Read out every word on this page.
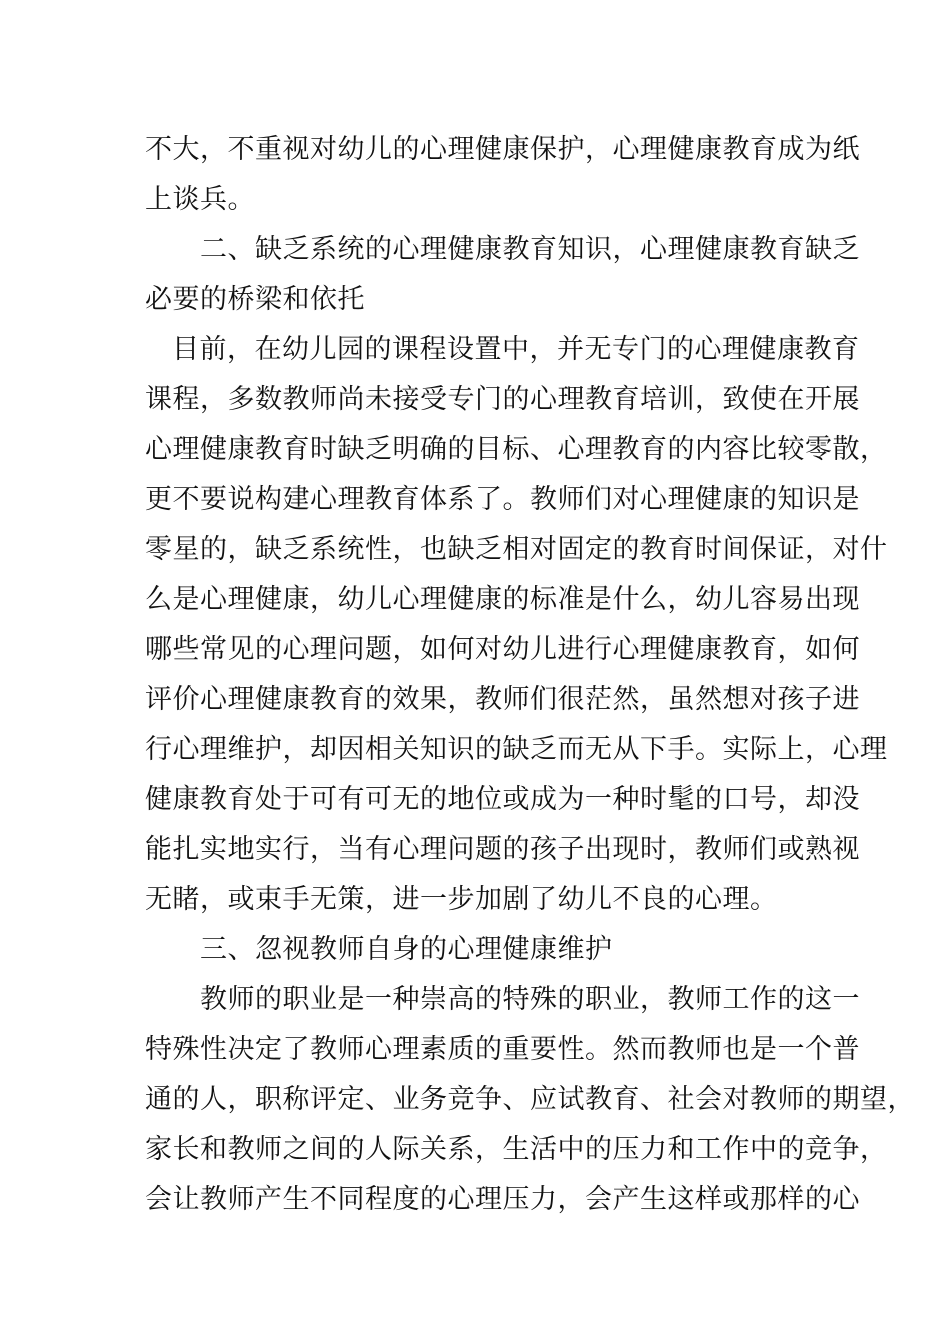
不大，不重视对幼儿的心理健康保护，心理健康教育成为纸
上谈兵。
二、缺乏系统的心理健康教育知识，心理健康教育缺乏
必要的桥梁和依托
目前，在幼儿园的课程设置中，并无专门的心理健康教育
课程，多数教师尚未接受专门的心理教育培训，致使在开展
心理健康教育时缺乏明确的目标、心理教育的内容比较零散，
更不要说构建心理教育体系了。教师们对心理健康的知识是
零星的，缺乏系统性，也缺乏相对固定的教育时间保证，对什
么是心理健康，幼儿心理健康的标准是什么，幼儿容易出现
哪些常见的心理问题，如何对幼儿进行心理健康教育，如何
评价心理健康教育的效果，教师们很茫然，虽然想对孩子进
行心理维护，却因相关知识的缺乏而无从下手。实际上，心理
健康教育处于可有可无的地位或成为一种时髦的口号，却没
能扎实地实行，当有心理问题的孩子出现时，教师们或熟视
无睹，或束手无策，进一步加剧了幼儿不良的心理。
三、忽视教师自身的心理健康维护
教师的职业是一种崇高的特殊的职业，教师工作的这一
特殊性决定了教师心理素质的重要性。然而教师也是一个普
通的人，职称评定、业务竞争、应试教育、社会对教师的期望，
家长和教师之间的人际关系，生活中的压力和工作中的竞争，
会让教师产生不同程度的心理压力，会产生这样或那样的心
